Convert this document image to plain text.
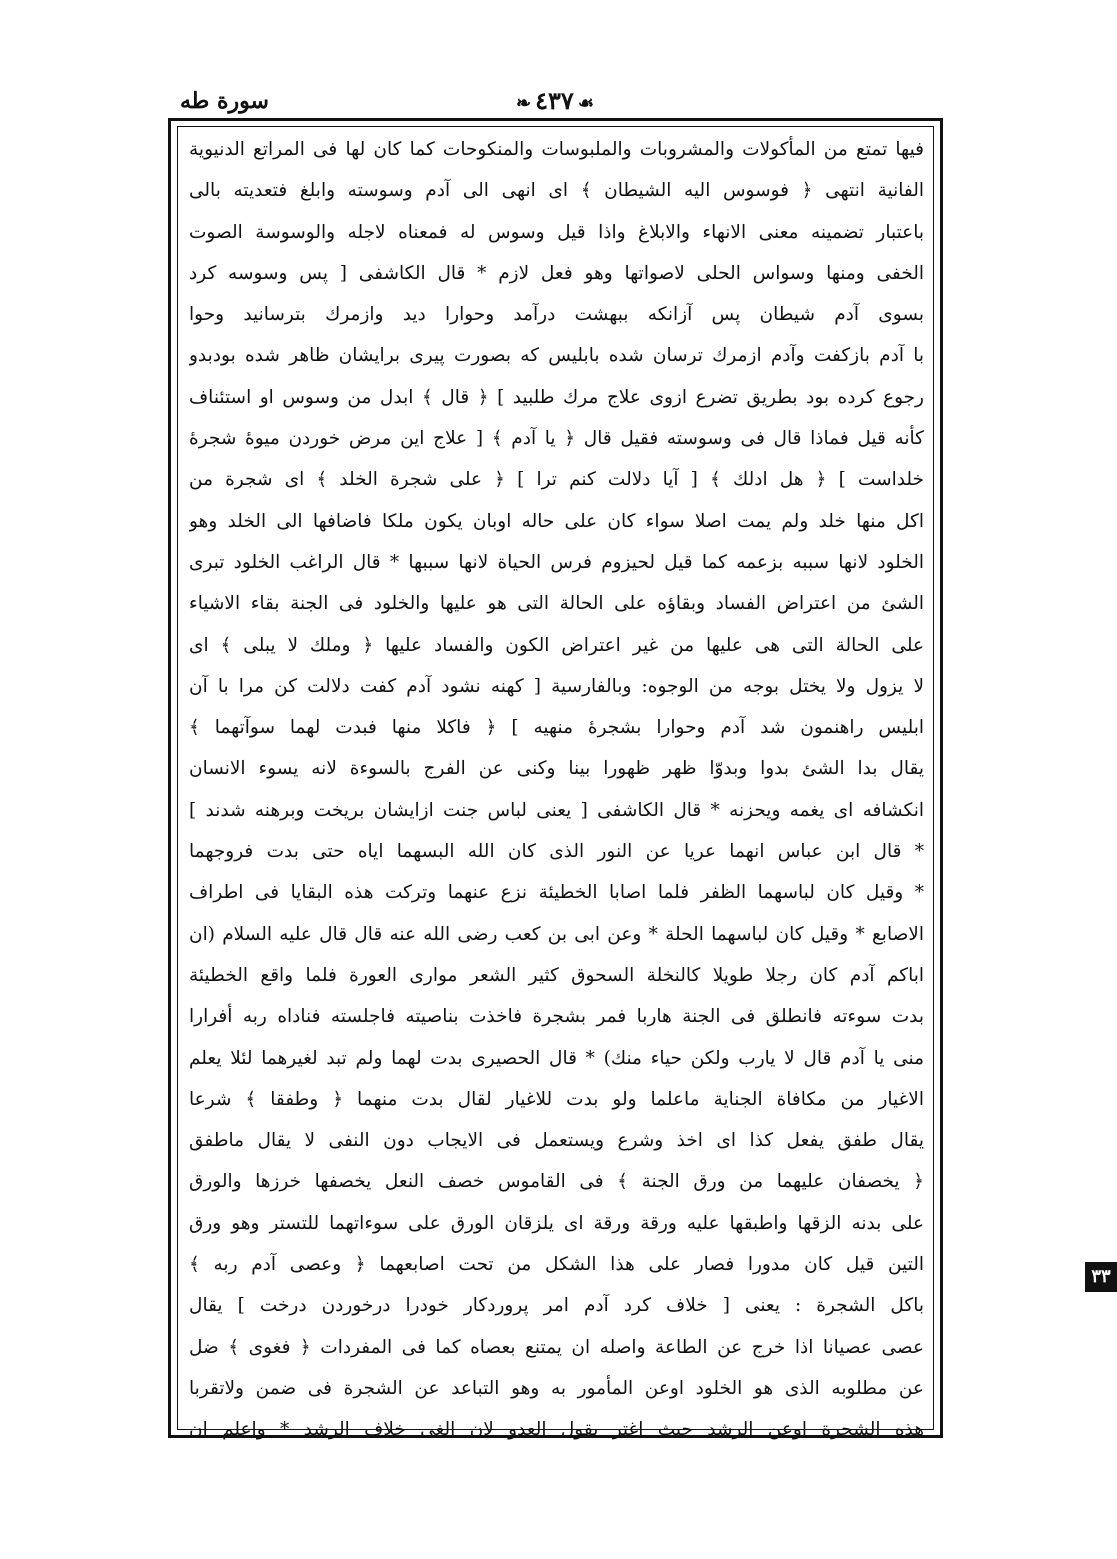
سورة طه	❧ ٤٣٧ ☙
فيها تمتع من المأكولات والمشروبات والملبوسات والمنكوحات كما كان لها فى المراتع الدنيوية
الفانية انتهى ﴿ فوسوس اليه الشيطان ﴾ اى انهى الى آدم وسوسته وابلغ فتعديته بالى
باعتبار تضمينه معنى الانهاء والابلاغ واذا قيل وسوس له فمعناه لاجله والوسوسة الصوت
الخفى ومنها وسواس الحلى لاصواتها وهو فعل لازم * قال الكاشفى [ پس وسوسه كرد
بسوى آدم شيطان پس آزانكه ببهشت درآمد وحوارا ديد وازمرك بترسانيد وحوا
با آدم بازكفت وآدم ازمرك ترسان شده بابليس كه بصورت پيرى برايشان ظاهر شده بودبدو
رجوع كرده بود بطريق تضرع ازوى علاج مرك طلبيد ] ﴿ قال ﴾ ابدل من وسوس او استئناف
كأنه قيل فماذا قال فى وسوسته فقيل قال ﴿ يا آدم ﴾ [ علاج اين مرض خوردن ميوۀ شجرۀ
خلداست ] ﴿ هل ادلك ﴾ [ آيا دلالت كنم ترا ] ﴿ على شجرة الخلد ﴾ اى شجرة من
اكل منها خلد ولم يمت اصلا سواء كان على حاله اوبان يكون ملكا فاضافها الى الخلد وهو
الخلود لانها سببه بزعمه كما قيل لحيزوم فرس الحياة لانها سببها * قال الراغب الخلود تبرى
الشئ من اعتراض الفساد وبقاؤه على الحالة التى هو عليها والخلود فى الجنة بقاء الاشياء
على الحالة التى هى عليها من غير اعتراض الكون والفساد عليها ﴿ وملك لا يبلى ﴾ اى
لا يزول ولا يختل بوجه من الوجوه: وبالفارسية [ كهنه نشود آدم كفت دلالت كن مرا با آن
ابليس راهنمون شد آدم وحوارا بشجرۀ منهيه ] ﴿ فاكلا منها فبدت لهما سوآتهما ﴾
يقال بدا الشئ بدوا وبدوّا ظهر ظهورا بينا وكنى عن الفرج بالسوءة لانه يسوء الانسان
انكشافه اى يغمه ويحزنه * قال الكاشفى [ يعنى لباس جنت ازايشان بريخت وبرهنه شدند ]
* قال ابن عباس انهما عريا عن النور الذى كان الله البسهما اياه حتى بدت فروجهما
* وقيل كان لباسهما الظفر فلما اصابا الخطيئة نزع عنهما وتركت هذه البقايا فى اطراف
الاصابع * وقيل كان لباسهما الحلة * وعن ابى بن كعب رضى الله عنه قال قال عليه السلام (ان
اباكم آدم كان رجلا طويلا كالنخلة السحوق كثير الشعر موارى العورة فلما واقع الخطيئة
بدت سوءته فانطلق فى الجنة هاربا فمر بشجرة فاخذت بناصيته فاجلسته فناداه ربه أفرارا
منى يا آدم قال لا يارب ولكن حياء منك) * قال الحصيرى بدت لهما ولم تبد لغيرهما لئلا يعلم
الاغيار من مكافاة الجناية ماعلما ولو بدت للاغيار لقال بدت منهما ﴿ وطفقا ﴾ شرعا
يقال طفق يفعل كذا اى اخذ وشرع ويستعمل فى الايجاب دون النفى لا يقال ماطفق
﴿ يخصفان عليهما من ورق الجنة ﴾ فى القاموس خصف النعل يخصفها خرزها والورق
على بدنه الزقها واطبقها عليه ورقة ورقة اى يلزقان الورق على سوءاتهما للتستر وهو ورق
التين قيل كان مدورا فصار على هذا الشكل من تحت اصابعهما ﴿ وعصى آدم ربه ﴾
باكل الشجرة : يعنى [ خلاف كرد آدم امر پروردكار خودرا درخوردن درخت ] يقال
عصى عصيانا اذا خرج عن الطاعة واصله ان يمتنع بعصاه كما فى المفردات ﴿ فغوى ﴾ ضل
عن مطلوبه الذى هو الخلود اوعن المأمور به وهو التباعد عن الشجرة فى ضمن ولاتقربا
هذه الشجرة اوعن الرشد حيث اغتر بقول العدو لان الغى خلاف الرشد * واعلم ان
٣٣
